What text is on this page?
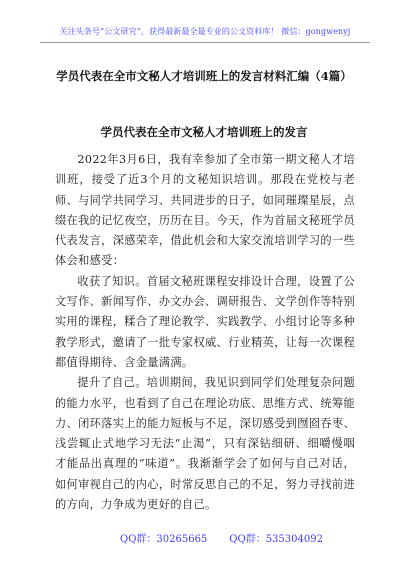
关注头条号“公文研究”，获得最新最全最专业的公文资料库！ 微信：gongwenyj
学员代表在全市文秘人才培训班上的发言材料汇编（4篇）
学员代表在全市文秘人才培训班上的发言

2022年3月6日，我有幸参加了全市第一期文秘人才培训班，接受了近3个月的文秘知识培训。那段在党校与老师、与同学共同学习、共同进步的日子，如同璀璨星辰，点缀在我的记忆夜空，历历在目。今天，作为首届文秘班学员代表发言，深感荣幸，借此机会和大家交流培训学习的一些体会和感受：

收获了知识。首届文秘班课程安排设计合理，设置了公文写作、新闻写作、办文办会、调研报告、文学创作等特别实用的课程，糅合了理论教学、实践教学、小组讨论等多种教学形式，邀请了一批专家权威、行业精英，让每一次课程都值得期待、含金量满满。

提升了自己。培训期间，我见识到同学们处理复杂问题的能力水平，也看到了自己在理论功底、思维方式、统筹能力、闭环落实上的能力短板与不足，深切感受到囫囵吞枣、浅尝辄止式地学习无法“止渴”，只有深钻细研、细嚼慢咽才能品出真理的“味道”。我渐渐学会了如何与自己对话，如何审视自己的内心，时常反思自己的不足，努力寻找前进的方向，力争成为更好的自己。

QQ群：30265665 QQ群：535304092
